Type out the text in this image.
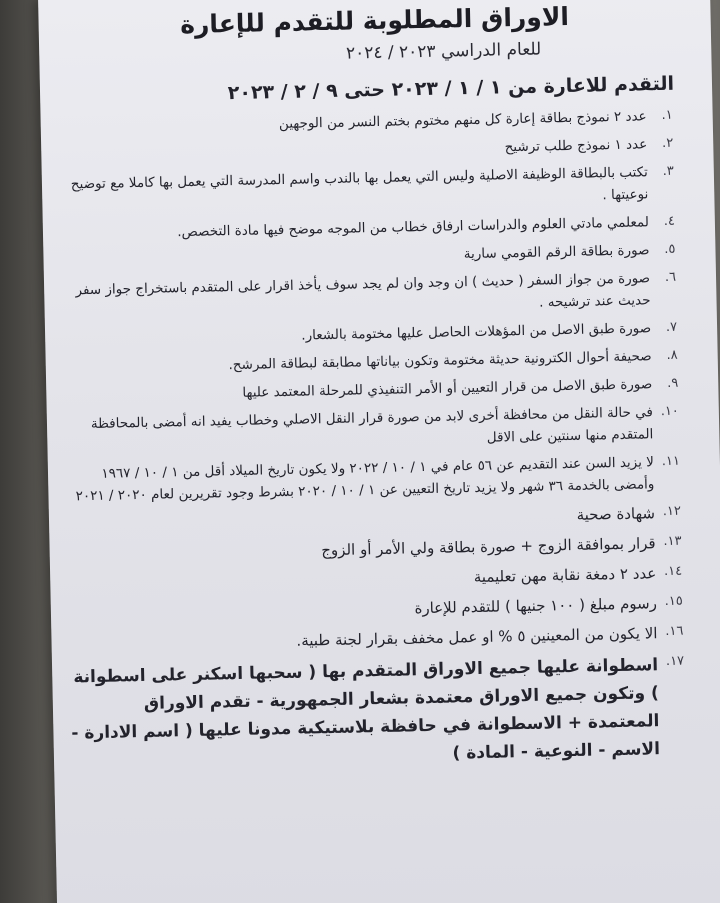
الاوراق المطلوبة للتقدم للإعارة
للعام الدراسي ٢٠٢٣ / ٢٠٢٤
التقدم للاعارة من ١ / ١ / ٢٠٢٣ حتى ٩ / ٢ / ٢٠٢٣
١.
عدد ٢ نموذج بطاقة إعارة كل منهم مختوم بختم النسر من الوجهين
٢.
عدد ١ نموذج طلب ترشيح
٣.
تكتب بالبطاقة الوظيفة الاصلية وليس التي يعمل بها بالندب واسم المدرسة التي يعمل بها كاملا مع توضيح نوعيتها .
٤.
لمعلمي مادتي العلوم والدراسات ارفاق خطاب من الموجه موضح فيها مادة التخصص.
٥.
صورة بطاقة الرقم القومي سارية
٦.
صورة من جواز السفر ( حديث ) ان وجد وان لم يجد سوف يأخذ اقرار على المتقدم باستخراج جواز سفر حديث عند ترشيحه .
٧.
صورة طبق الاصل من المؤهلات الحاصل عليها مختومة بالشعار.
٨.
صحيفة أحوال الكترونية حديثة مختومة وتكون بياناتها مطابقة لبطاقة المرشح.
٩.
صورة طبق الاصل من قرار التعيين أو الأمر التنفيذي للمرحلة المعتمد عليها
١٠.
في حالة النقل من محافظة أخرى لابد من صورة قرار النقل الاصلي وخطاب يفيد انه أمضى بالمحافظة المتقدم منها سنتين على الاقل
١١.
لا يزيد السن عند التقديم عن ٥٦ عام في ١ / ١٠ / ٢٠٢٢ ولا يكون تاريخ الميلاد أقل من ١ / ١٠ / ١٩٦٧ وأمضى بالخدمة ٣٦ شهر ولا يزيد تاريخ التعيين عن ١ / ١٠ / ٢٠٢٠ بشرط وجود تقريرين لعام ٢٠٢٠ / ٢٠٢١
١٢.
شهادة صحية
١٣.
قرار بموافقة الزوج + صورة بطاقة ولي الأمر أو الزوج
١٤.
عدد ٢ دمغة نقابة مهن تعليمية
١٥.
رسوم مبلغ ( ١٠٠ جنيها ) للتقدم للإعارة
١٦.
الا يكون من المعينين ٥ % او عمل مخفف بقرار لجنة طبية.
١٧.
اسطوانة عليها جميع الاوراق المتقدم بها ( سحبها اسكنر على اسطوانة ) وتكون جميع الاوراق معتمدة بشعار الجمهورية - تقدم الاوراق المعتمدة + الاسطوانة في حافظة بلاستيكية مدونا عليها ( اسم الادارة - الاسم - النوعية - المادة )
